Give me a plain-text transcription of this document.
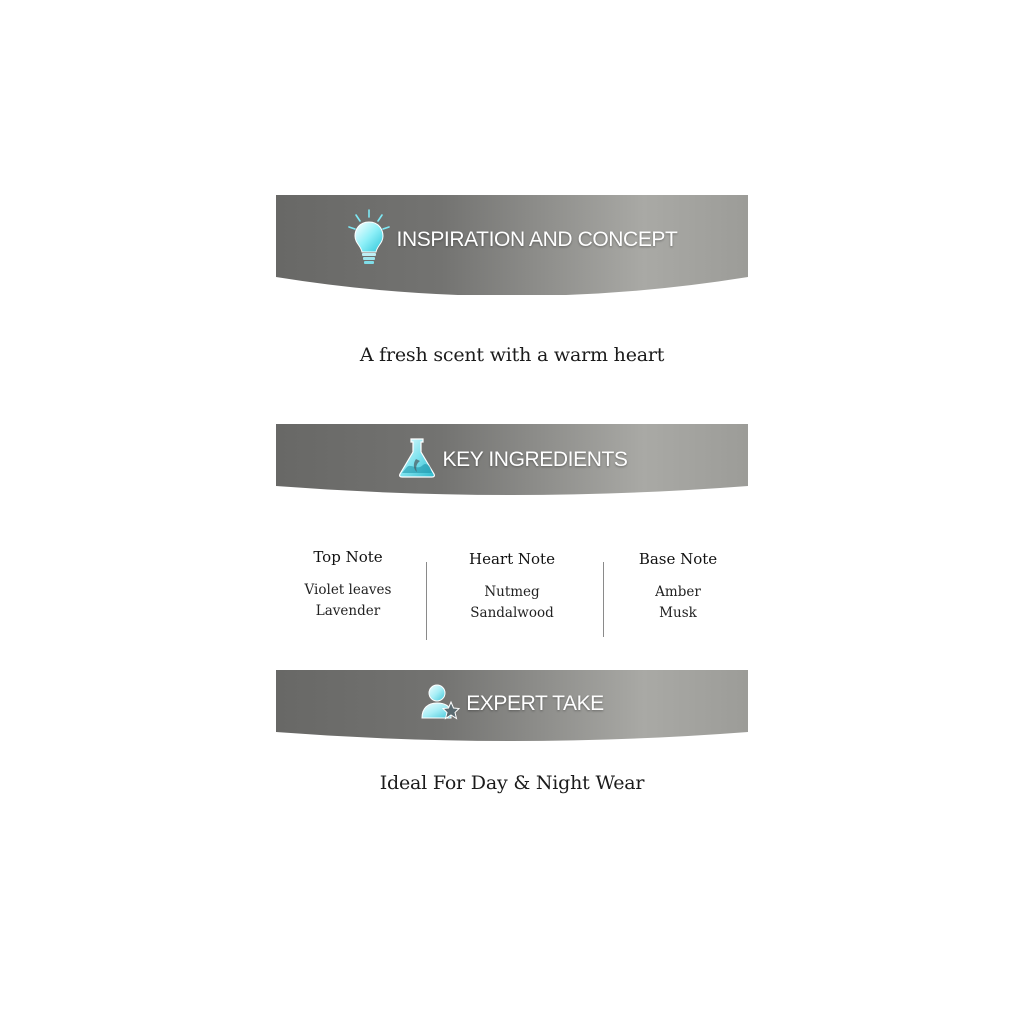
INSPIRATION AND CONCEPT
A fresh scent with a warm heart
KEY INGREDIENTS
Top Note
Violet leaves
Lavender
Heart Note
Nutmeg
Sandalwood
Base Note
Amber
Musk
EXPERT TAKE
Ideal For Day & Night Wear
